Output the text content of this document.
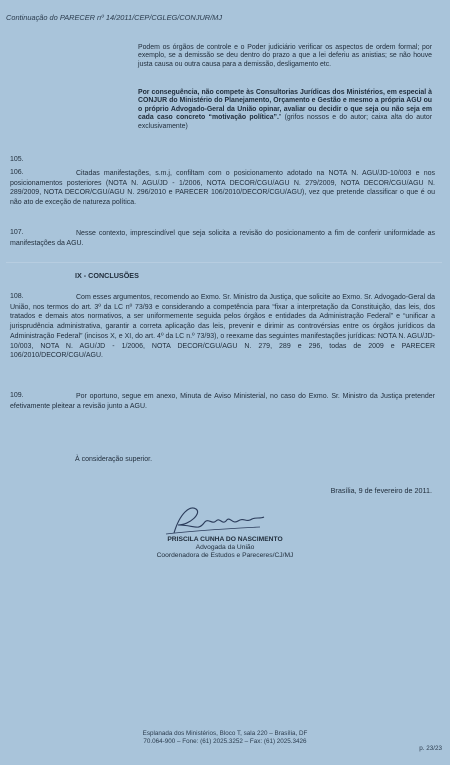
Continuação do PARECER nº 14/2011/CEP/CGLEG/CONJUR/MJ
Podem os órgãos de controle e o Poder judiciário verificar os aspectos de ordem formal; por exemplo, se a demissão se deu dentro do prazo a que a lei deferiu as anistias; se não houve justa causa ou outra causa para a demissão, desligamento etc.
Por conseguência, não compete às Consultorias Jurídicas dos Ministérios, em especial à CONJUR do Ministério do Planejamento, Orçamento e Gestão e mesmo a própria AGU ou o próprio Advogado-Geral da União opinar, avaliar ou decidir o que seja ou não seja em cada caso concreto “motivação política”.” (grifos nossos e do autor; caixa alta do autor exclusivamente)
105.
106.	Citadas manifestações, s.m.j, confiltam com o posicionamento adotado na NOTA N. AGU/JD-10/003 e nos posicionamentos posteriores (NOTA N. AGU/JD - 1/2006, NOTA DECOR/CGU/AGU N. 279/2009, NOTA DECOR/CGU/AGU N. 289/2009, NOTA DECOR/CGU/AGU N. 296/2010 e PARECER 106/2010/DECOR/CGU/AGU), vez que pretende classificar o que é ou não ato de exceção de natureza política.
107.	Nesse contexto, imprescindível que seja solicita a revisão do posicionamento a fim de conferir uniformidade as manifestações da AGU.
IX - CONCLUSÕES
108.	Com esses argumentos, recomendo ao Exmo. Sr. Ministro da Justiça, que solicite ao Exmo. Sr. Advogado-Geral da União, nos termos do art. 3º da LC nº 73/93 e considerando a competência para “fixar a interpretação da Constituição, das leis, dos tratados e demais atos normativos, a ser uniformemente seguida pelos órgãos e entidades da Administração Federal” e “unificar a jurisprudência administrativa, garantir a correta aplicação das leis, prevenir e dirimir as controvérsias entre os órgãos jurídicos da Administração Federal” (incisos X, e XI, do art. 4º da LC n.º 73/93), o reexame das seguintes manifestações jurídicas: NOTA N. AGU/JD-10/003, NOTA N. AGU/JD - 1/2006, NOTA DECOR/CGU/AGU N. 279, 289 e 296, todas de 2009 e PARECER 106/2010/DECOR/CGU/AGU.
109.	Por oportuno, segue em anexo, Minuta de Aviso Ministerial, no caso do Exmo. Sr. Ministro da Justiça pretender efetivamente pleitear a revisão junto a AGU.
À consideração superior.
Brasília, 9 de fevereiro de 2011.
PRISCILA CUNHA DO NASCIMENTO
Advogada da União
Coordenadora de Estudos e Pareceres/CJ/MJ
Esplanada dos Ministérios, Bloco T, sala 220 – Brasília, DF
70.064-900 – Fone: (61) 2025.3252 – Fax: (61) 2025.3426
p. 23/23
